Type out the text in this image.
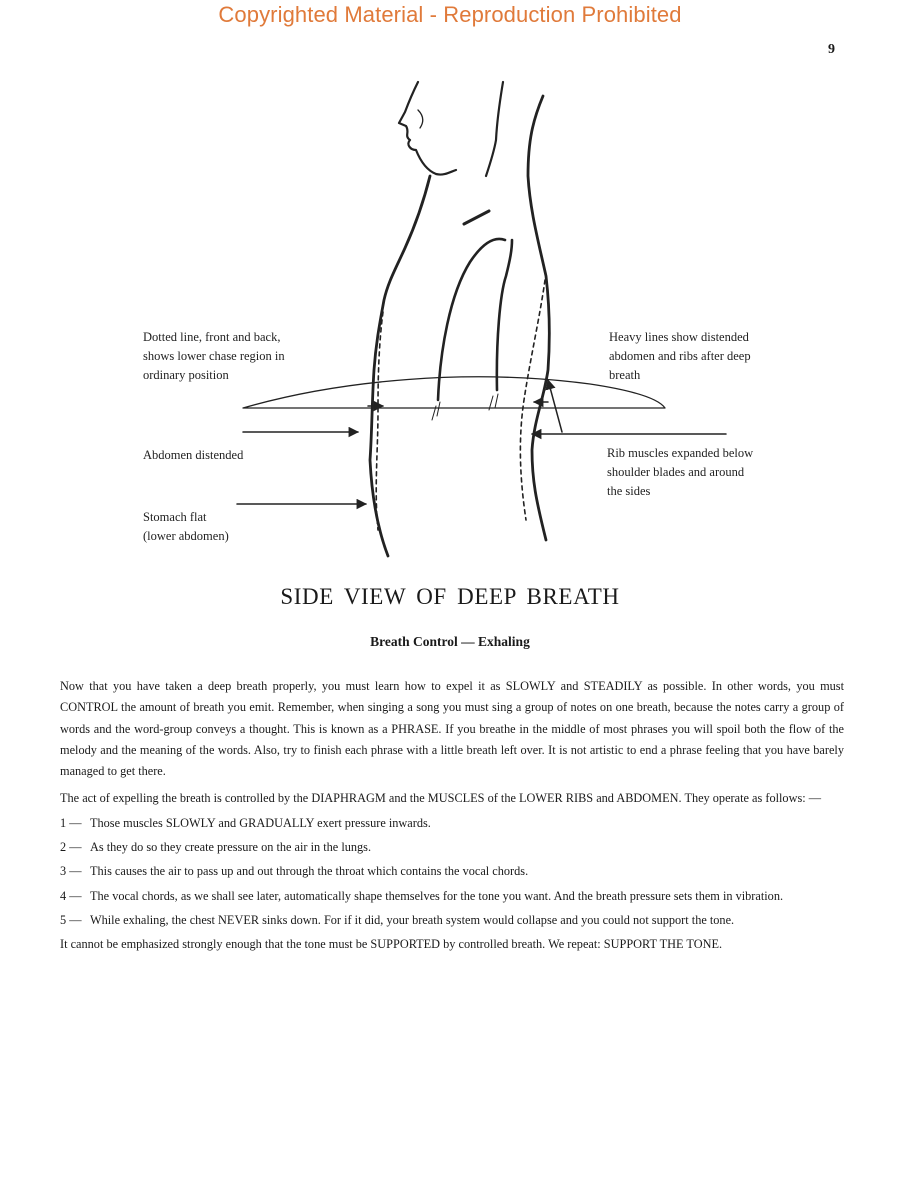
Copyrighted Material - Reproduction Prohibited
9
Dotted line, front and back,
shows lower chase region in
ordinary position
Heavy lines show distended
abdomen and ribs after deep
breath
Abdomen distended	Rib muscles expanded below
shoulder blades and around
the sides
Stomach flat
(lower abdomen)
SIDE VIEW OF DEEP BREATH
Breath Control — Exhaling

Now that you have taken a deep breath properly, you must learn how to expel it as SLOWLY and STEADILY as possible. In other words, you must CONTROL the amount of breath you emit. Remember, when singing a song you must sing a group of notes on one breath, because the notes carry a group of words and the word-group conveys a thought. This is known as a PHRASE. If you breathe in the middle of most phrases you will spoil both the flow of the melody and the meaning of the words. Also, try to finish each phrase with a little breath left over. It is not artistic to end a phrase feeling that you have barely managed to get there.

The act of expelling the breath is controlled by the DIAPHRAGM and the MUSCLES of the LOWER RIBS and ABDOMEN. They operate as follows: —

1 — Those muscles SLOWLY and GRADUALLY exert pressure inwards.
2 — As they do so they create pressure on the air in the lungs.
3 — This causes the air to pass up and out through the throat which contains the vocal chords.
4 — The vocal chords, as we shall see later, automatically shape themselves for the tone you want. And the breath pressure sets them in vibration.
5 — While exhaling, the chest NEVER sinks down. For if it did, your breath system would collapse and you could not support the tone.

It cannot be emphasized strongly enough that the tone must be SUPPORTED by controlled breath. We repeat: SUPPORT THE TONE.
